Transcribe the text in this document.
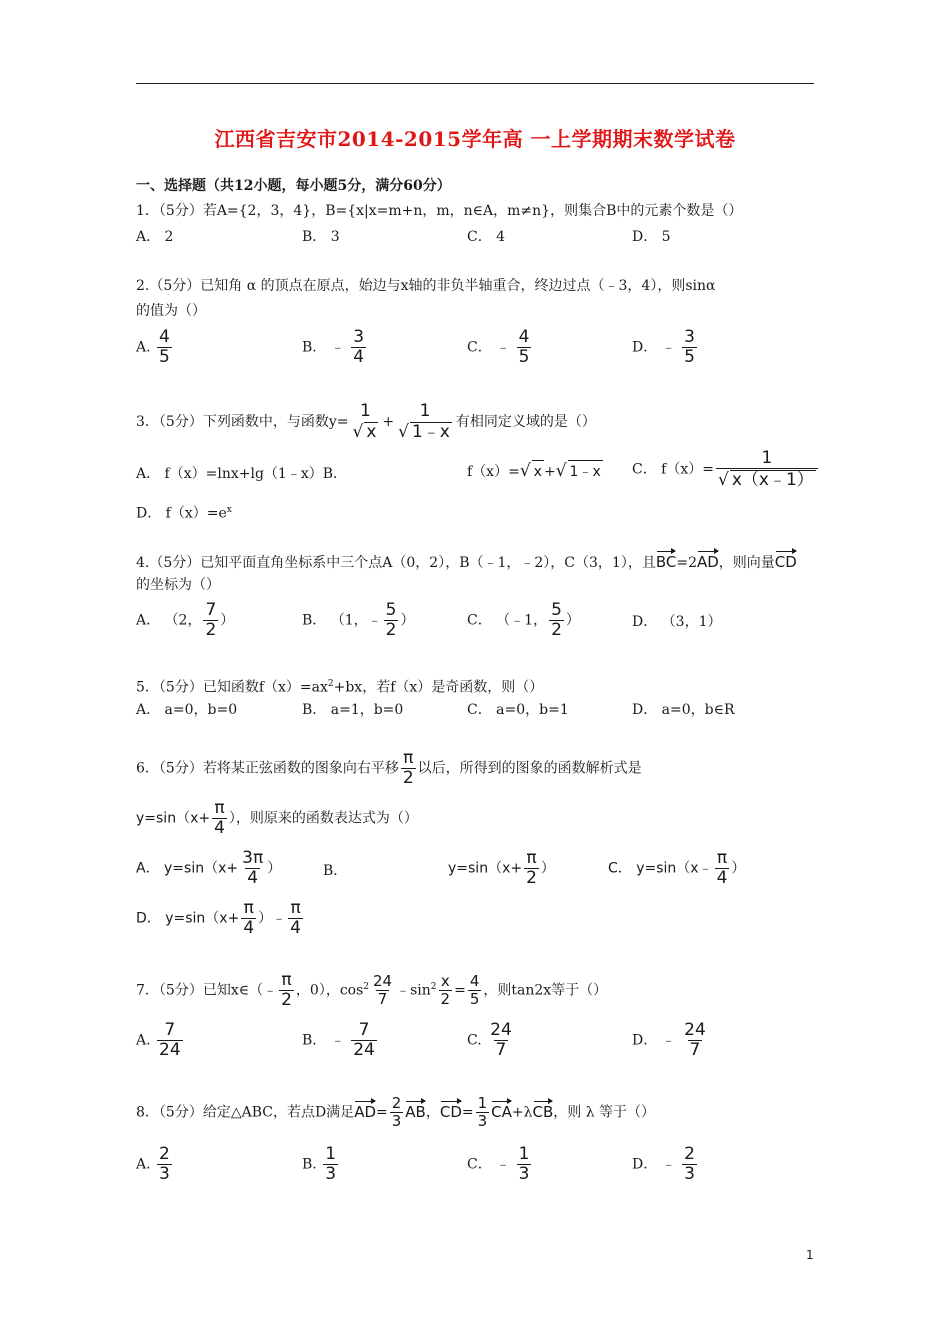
江西省吉安市2014-2015学年高 一上学期期末数学试卷
一、选择题（共12小题，每小题5分，满分60分）
1．（5分）若A={2，3，4}，B={x|x=m+n，m，n∈A，m≠n}，则集合B中的元素个数是（）
A． 2	B． 3	C． 4	D． 5
2.（5分）已知角 α 的顶点在原点，始边与x轴的非负半轴重合，终边过点（﹣3，4），则sinα
的值为（）
A. $\frac{4}{5}$	B． ﹣ $\frac{3}{4}$	C． ﹣ $\frac{4}{5}$	D． ﹣ $\frac{3}{5}$
3．（5分）下列函数中，与函数y=
1
√ x +
1
√ 1﹣x 有相同定义域的是（）
A． f（x）=lnx+lg（1﹣x）B．	f（x）=√ x +√ 1﹣x C． $f(x)= \frac{1}{√ x(x﹣1)}$
D． $f(x)=e^x$
4.（5分）已知平面直角坐标系中三个点A（0，2），B（﹣1，﹣2），C（3，1），且BC=2AD，则向量CD
的坐标为（）
A． （2， $\frac{7}{2}$ ）	B． （1，﹣ $\frac{5}{2}$ ）	C． （﹣1， $\frac{5}{2}$ ）	D． （3，1）
5．（5分）已知函数$f(x)=ax^2+bx$，若f（x）是奇函数，则（）
A． a=0，b=0	B． a=1，b=0	C． a=0，b=1	D． a=0，b∈R
6．（5分）若将某正弦函数的图象向右平移 $\frac{\pi}{2}$ 以后，所得到的图象的函数解析式是
$y=\sin(x+ \frac{\pi}{4}$ ），则原来的函数表达式为（）
A． $y=\sin(x+ \frac{3\pi}{4}$ ）	B．	$y=\sin(x+ \frac{\pi}{2}$ ）	C． y=sin（x﹣ $\frac{\pi}{4}$ ）
D． $y=\sin(x+ \frac{\pi}{4}$ ）﹣ $\frac{\pi}{4}$
7．（5分）已知x∈（﹣ $\frac{\pi}{2}$ ，0），$\cos^2 \frac{24}{7}$ $﹣\sin^2 \frac{x}{2} = \frac{4}{5}$ ，则tan2x等于（）
A. $\frac{7}{24}$	B． ﹣ $\frac{7}{24}$	C. $\frac{24}{7}$	D． ﹣ $\frac{24}{7}$
8．（5分）给定△ABC，若点D满足$AD= \frac{2}{3}$ AB，$CD= \frac{1}{3} CA+\lambda CB$，则 λ 等于（）
A. $\frac{2}{3}$	B. $\frac{1}{3}$	C． ﹣ $\frac{1}{3}$	D． ﹣ $\frac{2}{3}$
1
